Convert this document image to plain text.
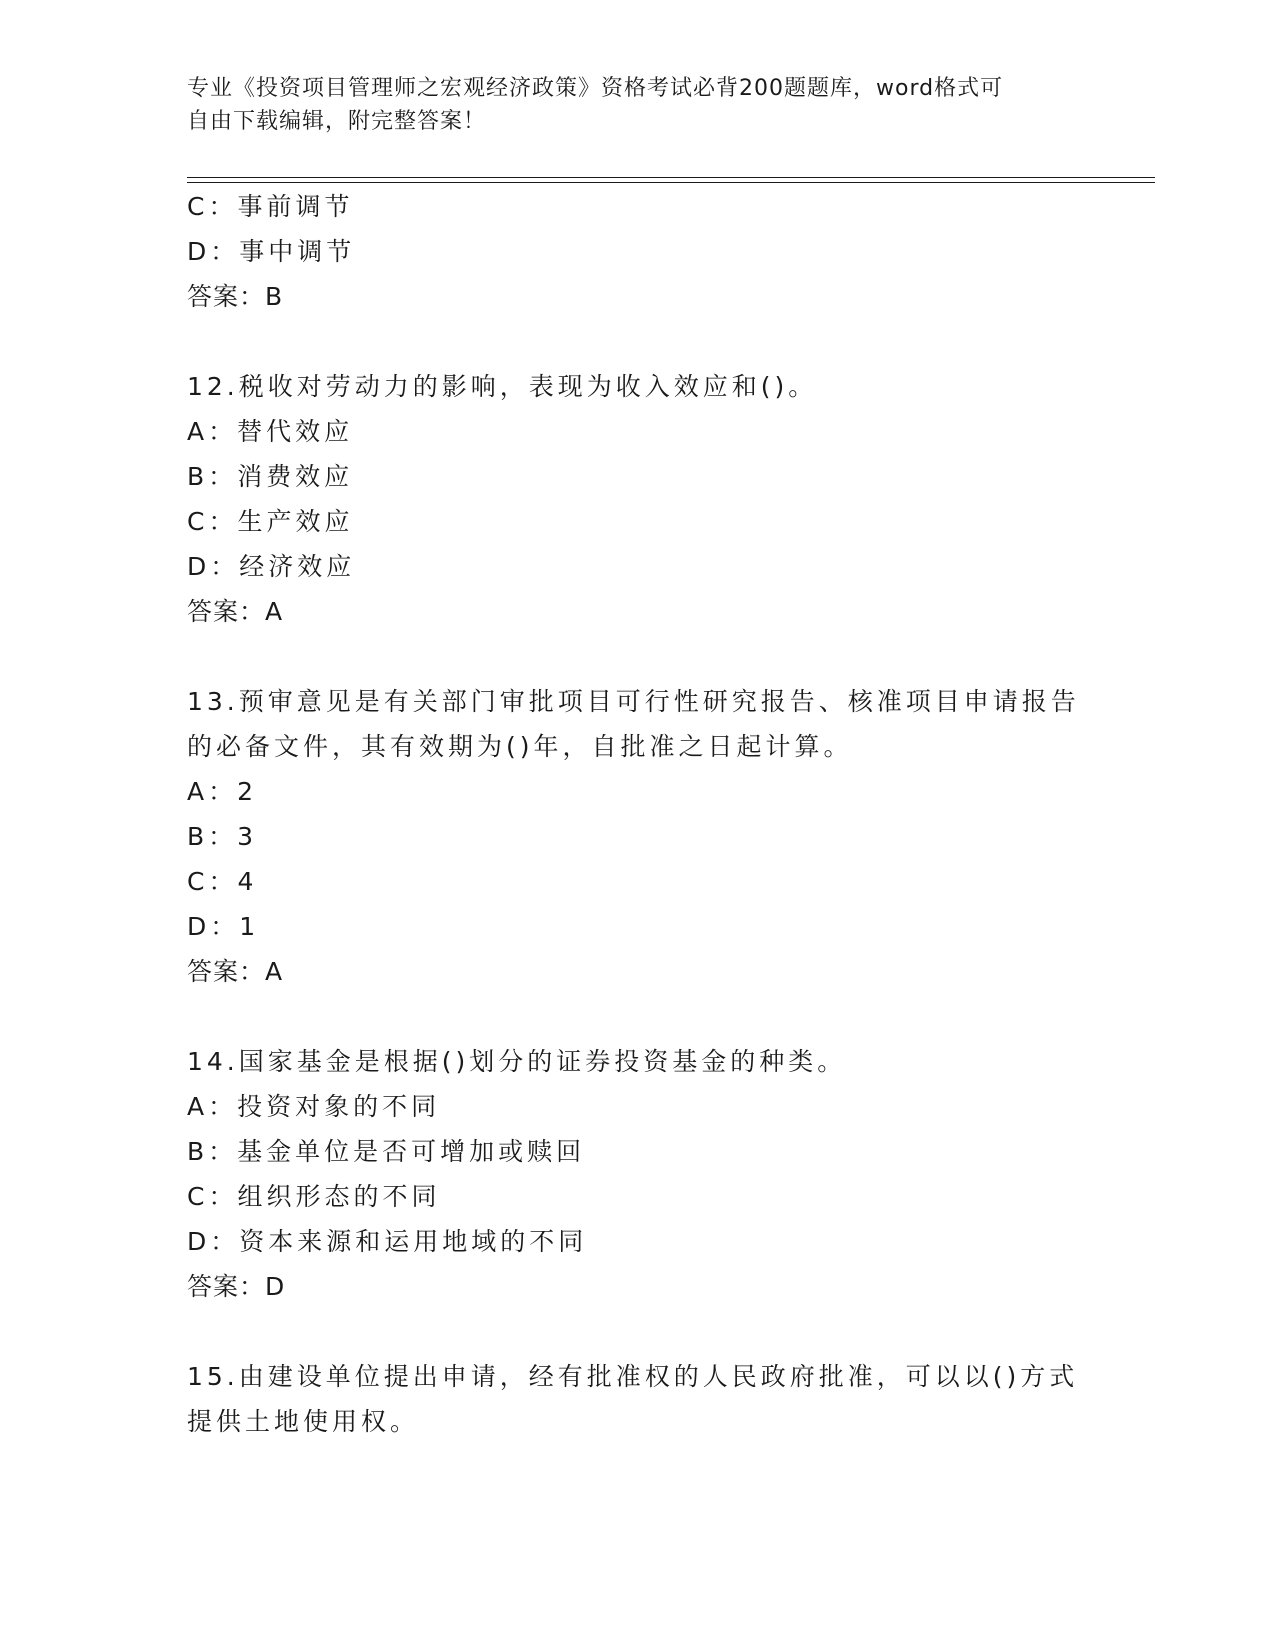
专业《投资项目管理师之宏观经济政策》资格考试必背200题题库，word格式可
自由下载编辑，附完整答案！
C：事前调节
D：事中调节
答案：B
12.税收对劳动力的影响，表现为收入效应和()。
A：替代效应
B：消费效应
C：生产效应
D：经济效应
答案：A
13.预审意见是有关部门审批项目可行性研究报告、核准项目申请报告
的必备文件，其有效期为()年，自批准之日起计算。
A：2
B：3
C：4
D：1
答案：A
14.国家基金是根据()划分的证券投资基金的种类。
A：投资对象的不同
B：基金单位是否可增加或赎回
C：组织形态的不同
D：资本来源和运用地域的不同
答案：D
15.由建设单位提出申请，经有批准权的人民政府批准，可以以()方式
提供土地使用权。
